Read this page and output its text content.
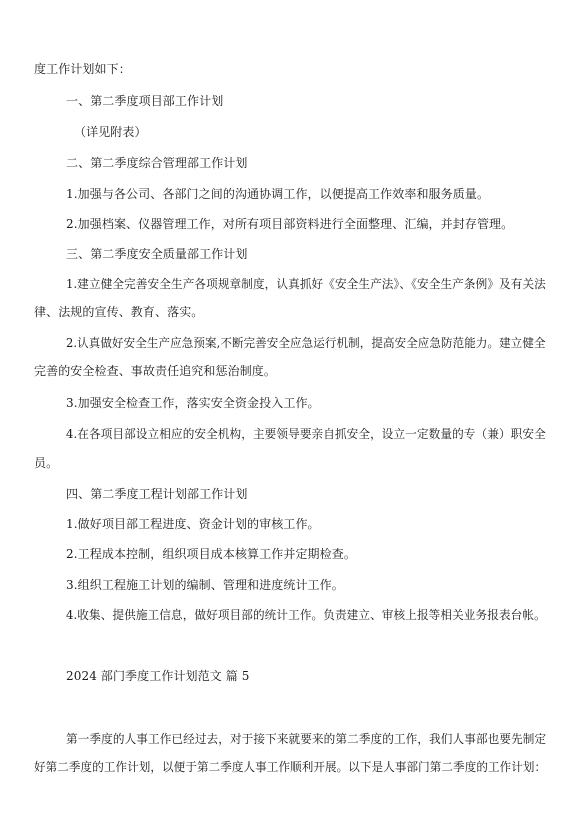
度工作计划如下：
一、第二季度项目部工作计划
（详见附表）
二、第二季度综合管理部工作计划
1.加强与各公司、各部门之间的沟通协调工作，以便提高工作效率和服务质量。
2.加强档案、仪器管理工作，对所有项目部资料进行全面整理、汇编，并封存管理。
三、第二季度安全质量部工作计划
1.建立健全完善安全生产各项规章制度，认真抓好《安全生产法》、《安全生产条例》及有关法
律、法规的宣传、教育、落实。
2.认真做好安全生产应急预案,不断完善安全应急运行机制，提高安全应急防范能力。建立健全
完善的安全检查、事故责任追究和惩治制度。
3.加强安全检查工作，落实安全资金投入工作。
4.在各项目部设立相应的安全机构，主要领导要亲自抓安全，设立一定数量的专（兼）职安全
员。
四、第二季度工程计划部工作计划
1.做好项目部工程进度、资金计划的审核工作。
2.工程成本控制，组织项目成本核算工作并定期检查。
3.组织工程施工计划的编制、管理和进度统计工作。
4.收集、提供施工信息，做好项目部的统计工作。负责建立、审核上报等相关业务报表台帐。
2024 部门季度工作计划范文 篇 5
第一季度的人事工作已经过去，对于接下来就要来的第二季度的工作，我们人事部也要先制定
好第二季度的工作计划，以便于第二季度人事工作顺利开展。以下是人事部门第二季度的工作计划：
